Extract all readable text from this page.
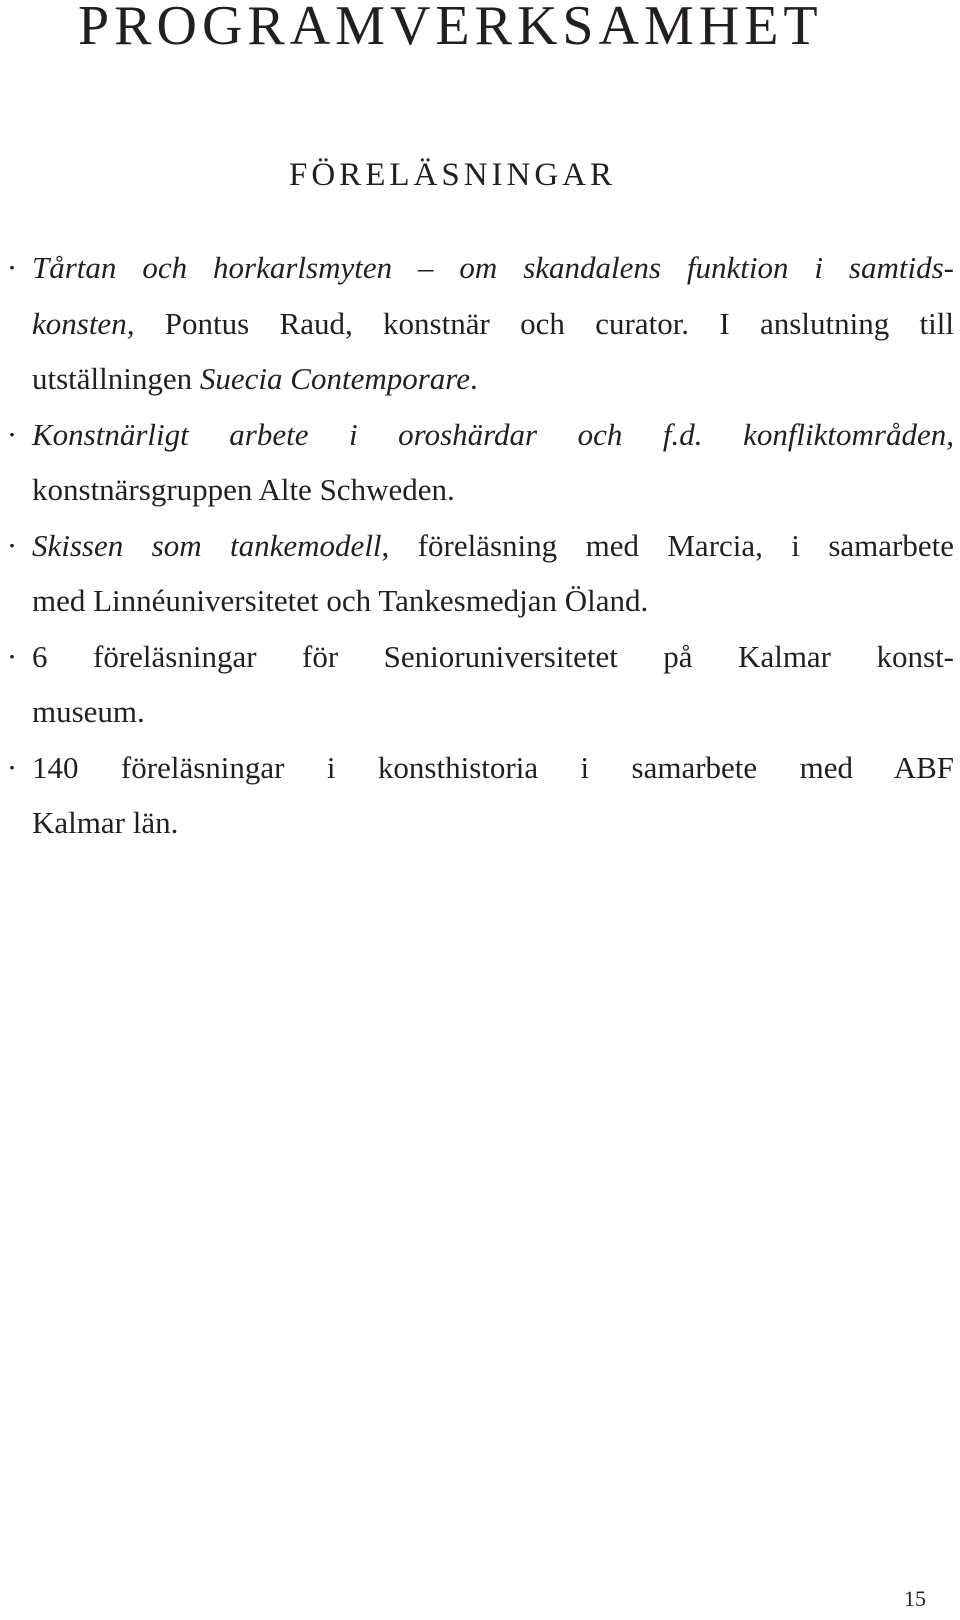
PROGRAMVERKSAMHET
FÖRELÄSNINGAR
· Tårtan och horkarlsmyten – om skandalens funktion i samtids-
konsten, Pontus Raud, konstnär och curator. I anslutning till
utställningen Suecia Contemporare.
· Konstnärligt arbete i oroshärdar och f.d. konfliktområden,
konstnärsgruppen Alte Schweden.
· Skissen som tankemodell, föreläsning med Marcia, i samarbete
med Linnéuniversitetet och Tankesmedjan Öland.
· 6 föreläsningar för Senioruniversitetet på Kalmar konst-
museum.
· 140 föreläsningar i konsthistoria i samarbete med ABF
Kalmar län.

15
